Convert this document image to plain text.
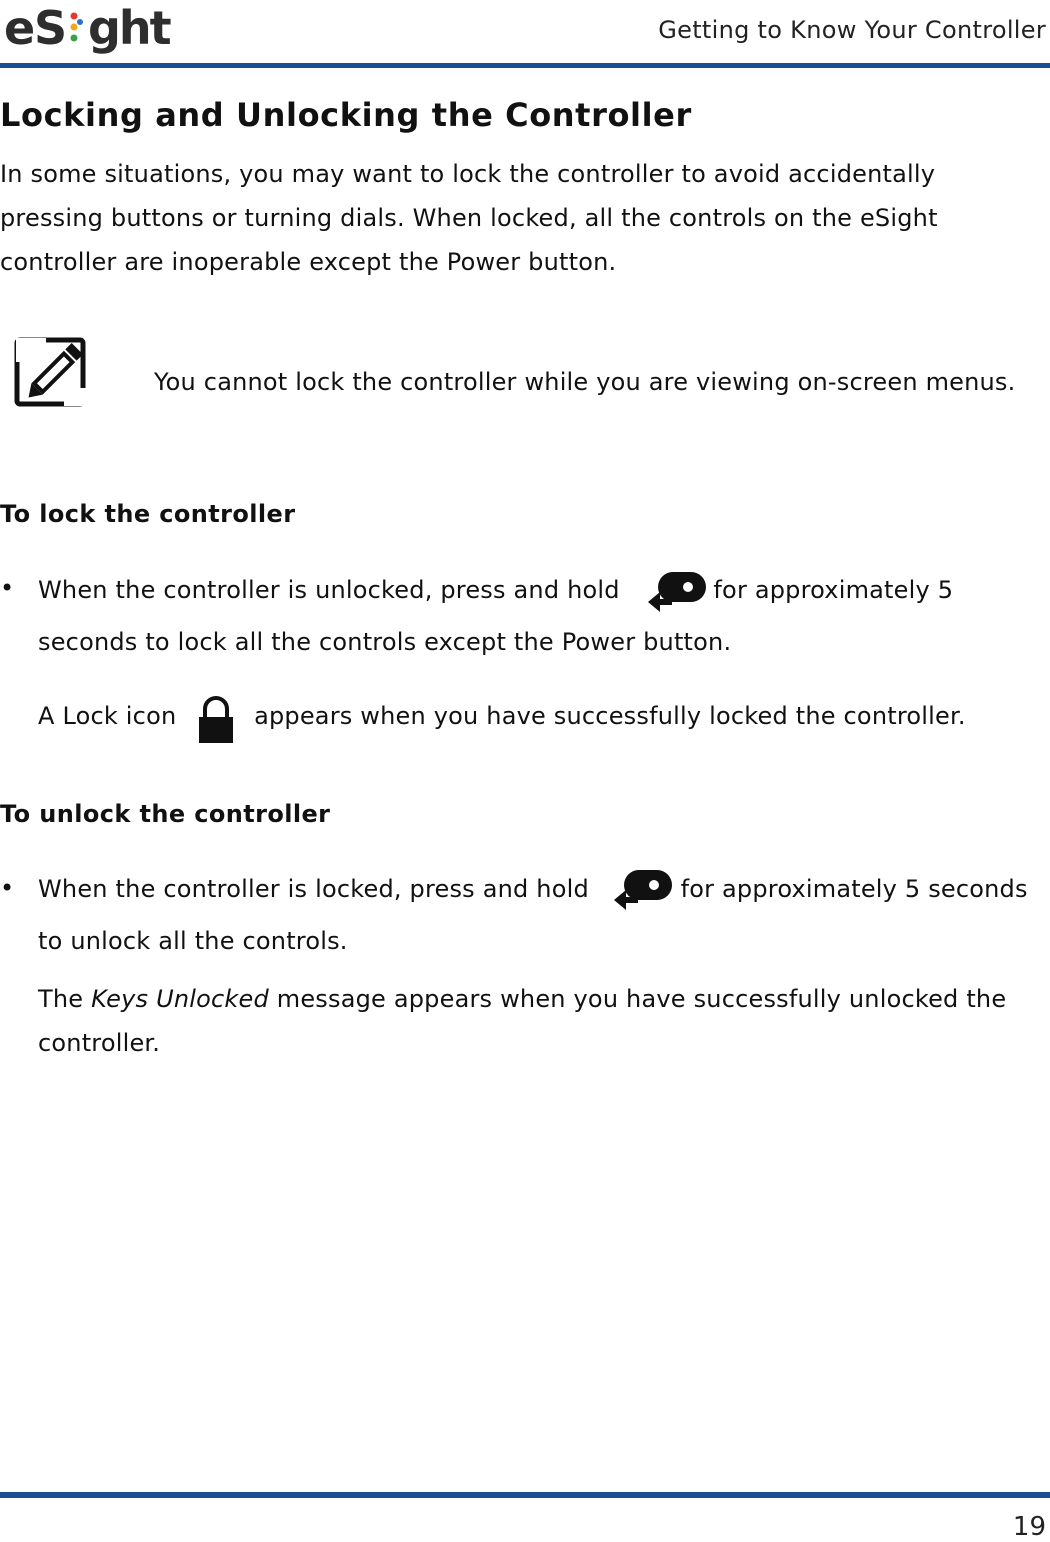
e S ght	Getting to Know Your Controller
Locking and Unlocking the Controller
In some situations, you may want to lock the controller to avoid accidentally
pressing buttons or turning dials. When locked, all the controls on the eSight
controller are inoperable except the Power button.
You cannot lock the controller while you are viewing on-screen menus.
To lock the controller
• When the controller is unlocked, press and hold	for approximately 5
seconds to lock all the controls except the Power button.
A Lock icon	appears when you have successfully locked the controller.
To unlock the controller
• When the controller is locked, press and hold	for approximately 5 seconds
to unlock all the controls.
The Keys Unlocked message appears when you have successfully unlocked the
controller.
19
